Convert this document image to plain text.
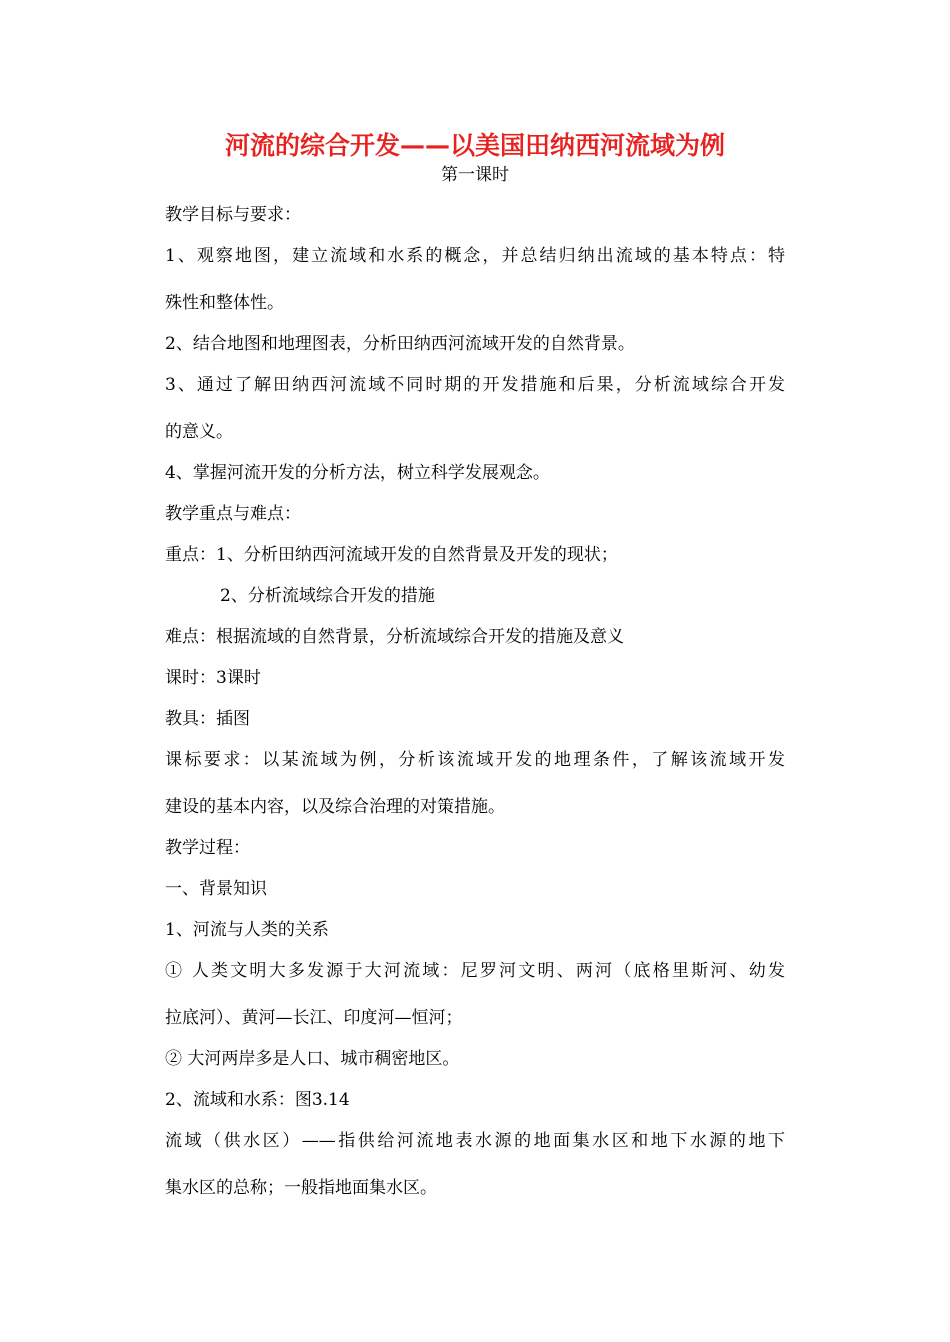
河流的综合开发——以美国田纳西河流域为例
第一课时
教学目标与要求：
1、观察地图，建立流域和水系的概念，并总结归纳出流域的基本特点：特
殊性和整体性。
2、结合地图和地理图表，分析田纳西河流域开发的自然背景。
3、通过了解田纳西河流域不同时期的开发措施和后果，分析流域综合开发
的意义。
4、掌握河流开发的分析方法，树立科学发展观念。
教学重点与难点：
重点：1、分析田纳西河流域开发的自然背景及开发的现状；
2、分析流域综合开发的措施
难点：根据流域的自然背景，分析流域综合开发的措施及意义
课时：3课时
教具：插图
课标要求：以某流域为例，分析该流域开发的地理条件，了解该流域开发
建设的基本内容，以及综合治理的对策措施。
教学过程：
一、背景知识
1、河流与人类的关系
① 人类文明大多发源于大河流域：尼罗河文明、两河（底格里斯河、幼发
拉底河）、黄河—长江、印度河—恒河；
② 大河两岸多是人口、城市稠密地区。
2、流域和水系：图3.14
流域（供水区）——指供给河流地表水源的地面集水区和地下水源的地下
集水区的总称；一般指地面集水区。
